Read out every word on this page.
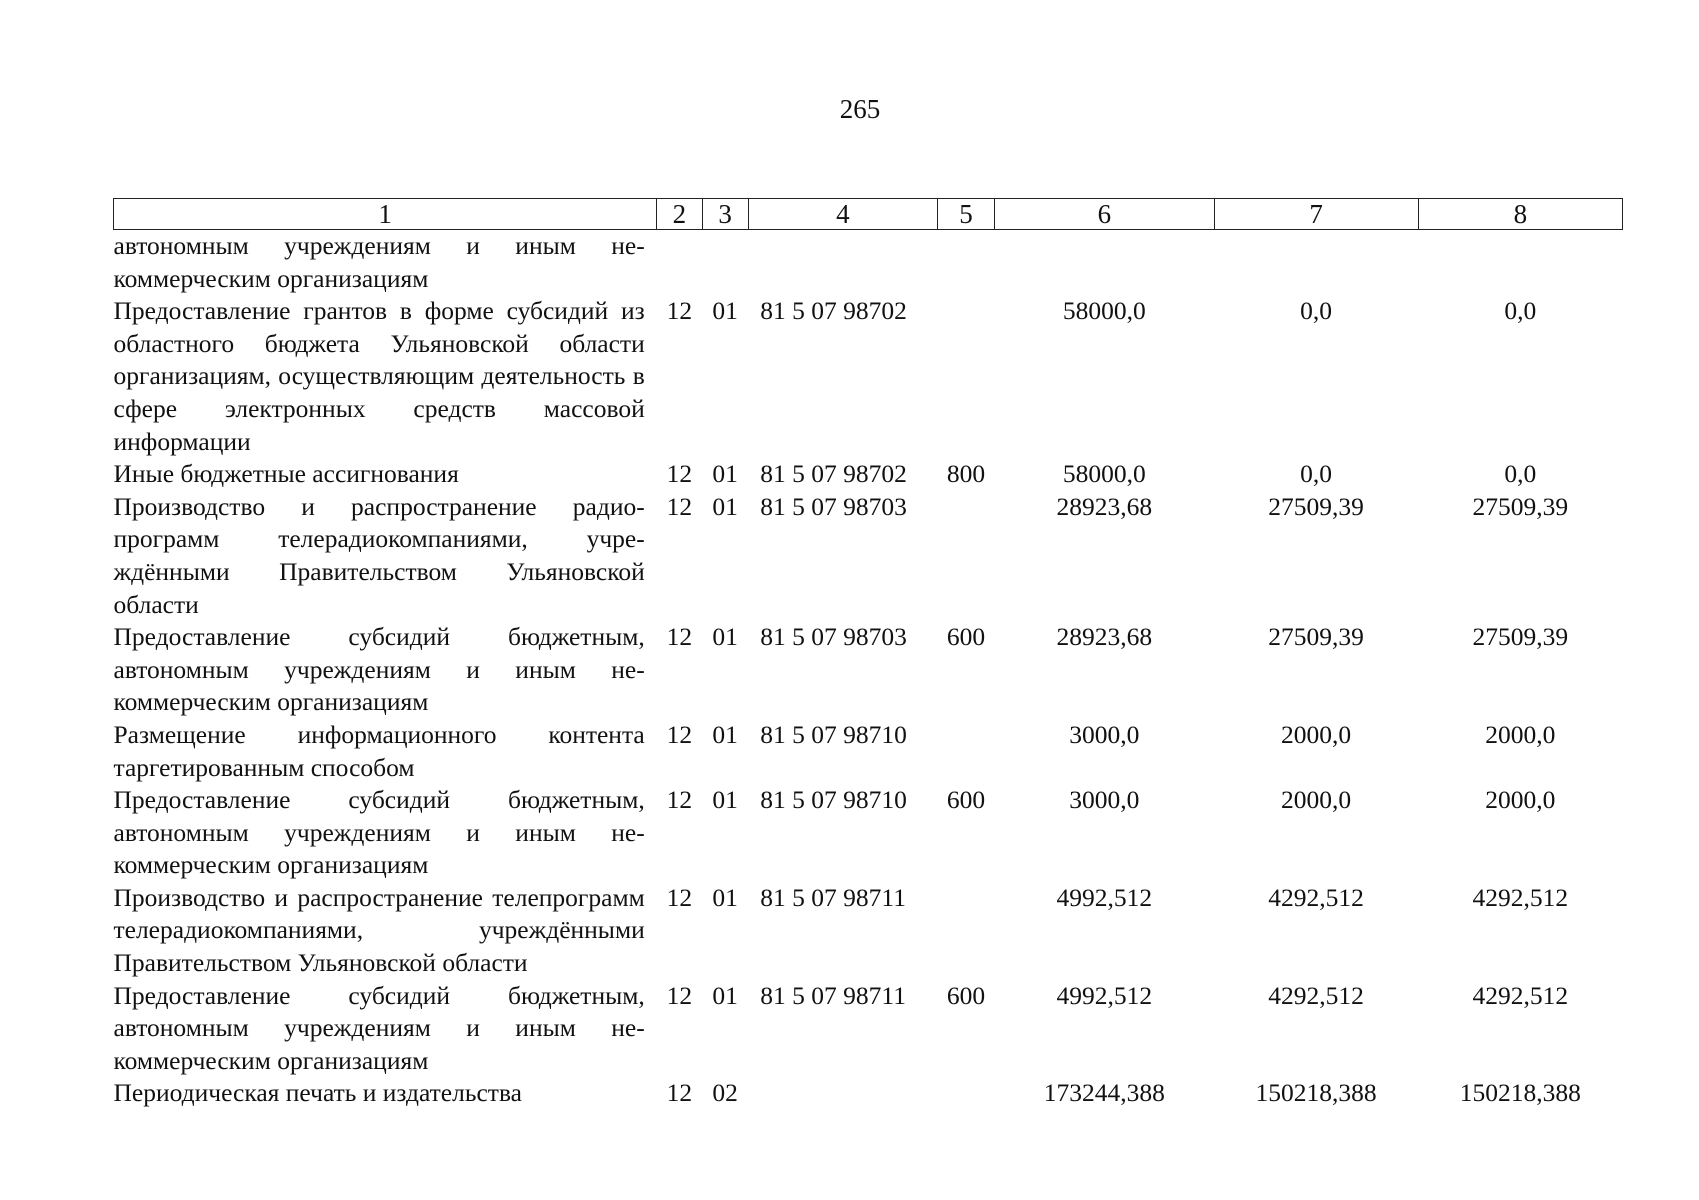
265
1	2	3	4	5	6	7	8
автономным учреждениям и иным некоммерческим организациям							
Предоставление грантов в форме субсидий из областного бюджета Ульяновской области организациям, осуществляющим деятельность в сфере электронных средств массовой информации	12	01	81 5 07 98702		58000,0	0,0	0,0
Иные бюджетные ассигнования	12	01	81 5 07 98702	800	58000,0	0,0	0,0
Производство и распространение радиопрограмм телерадиокомпаниями, учреждёнными Правительством Ульяновской области	12	01	81 5 07 98703		28923,68	27509,39	27509,39
Предоставление субсидий бюджетным, автономным учреждениям и иным некоммерческим организациям	12	01	81 5 07 98703	600	28923,68	27509,39	27509,39
Размещение информационного контента таргетированным способом	12	01	81 5 07 98710		3000,0	2000,0	2000,0
Предоставление субсидий бюджетным, автономным учреждениям и иным некоммерческим организациям	12	01	81 5 07 98710	600	3000,0	2000,0	2000,0
Производство и распространение телепрограмм телерадиокомпаниями, учреждёнными Правительством Ульяновской области	12	01	81 5 07 98711		4992,512	4292,512	4292,512
Предоставление субсидий бюджетным, автономным учреждениям и иным некоммерческим организациям	12	01	81 5 07 98711	600	4992,512	4292,512	4292,512
Периодическая печать и издательства	12	02			173244,388	150218,388	150218,388
